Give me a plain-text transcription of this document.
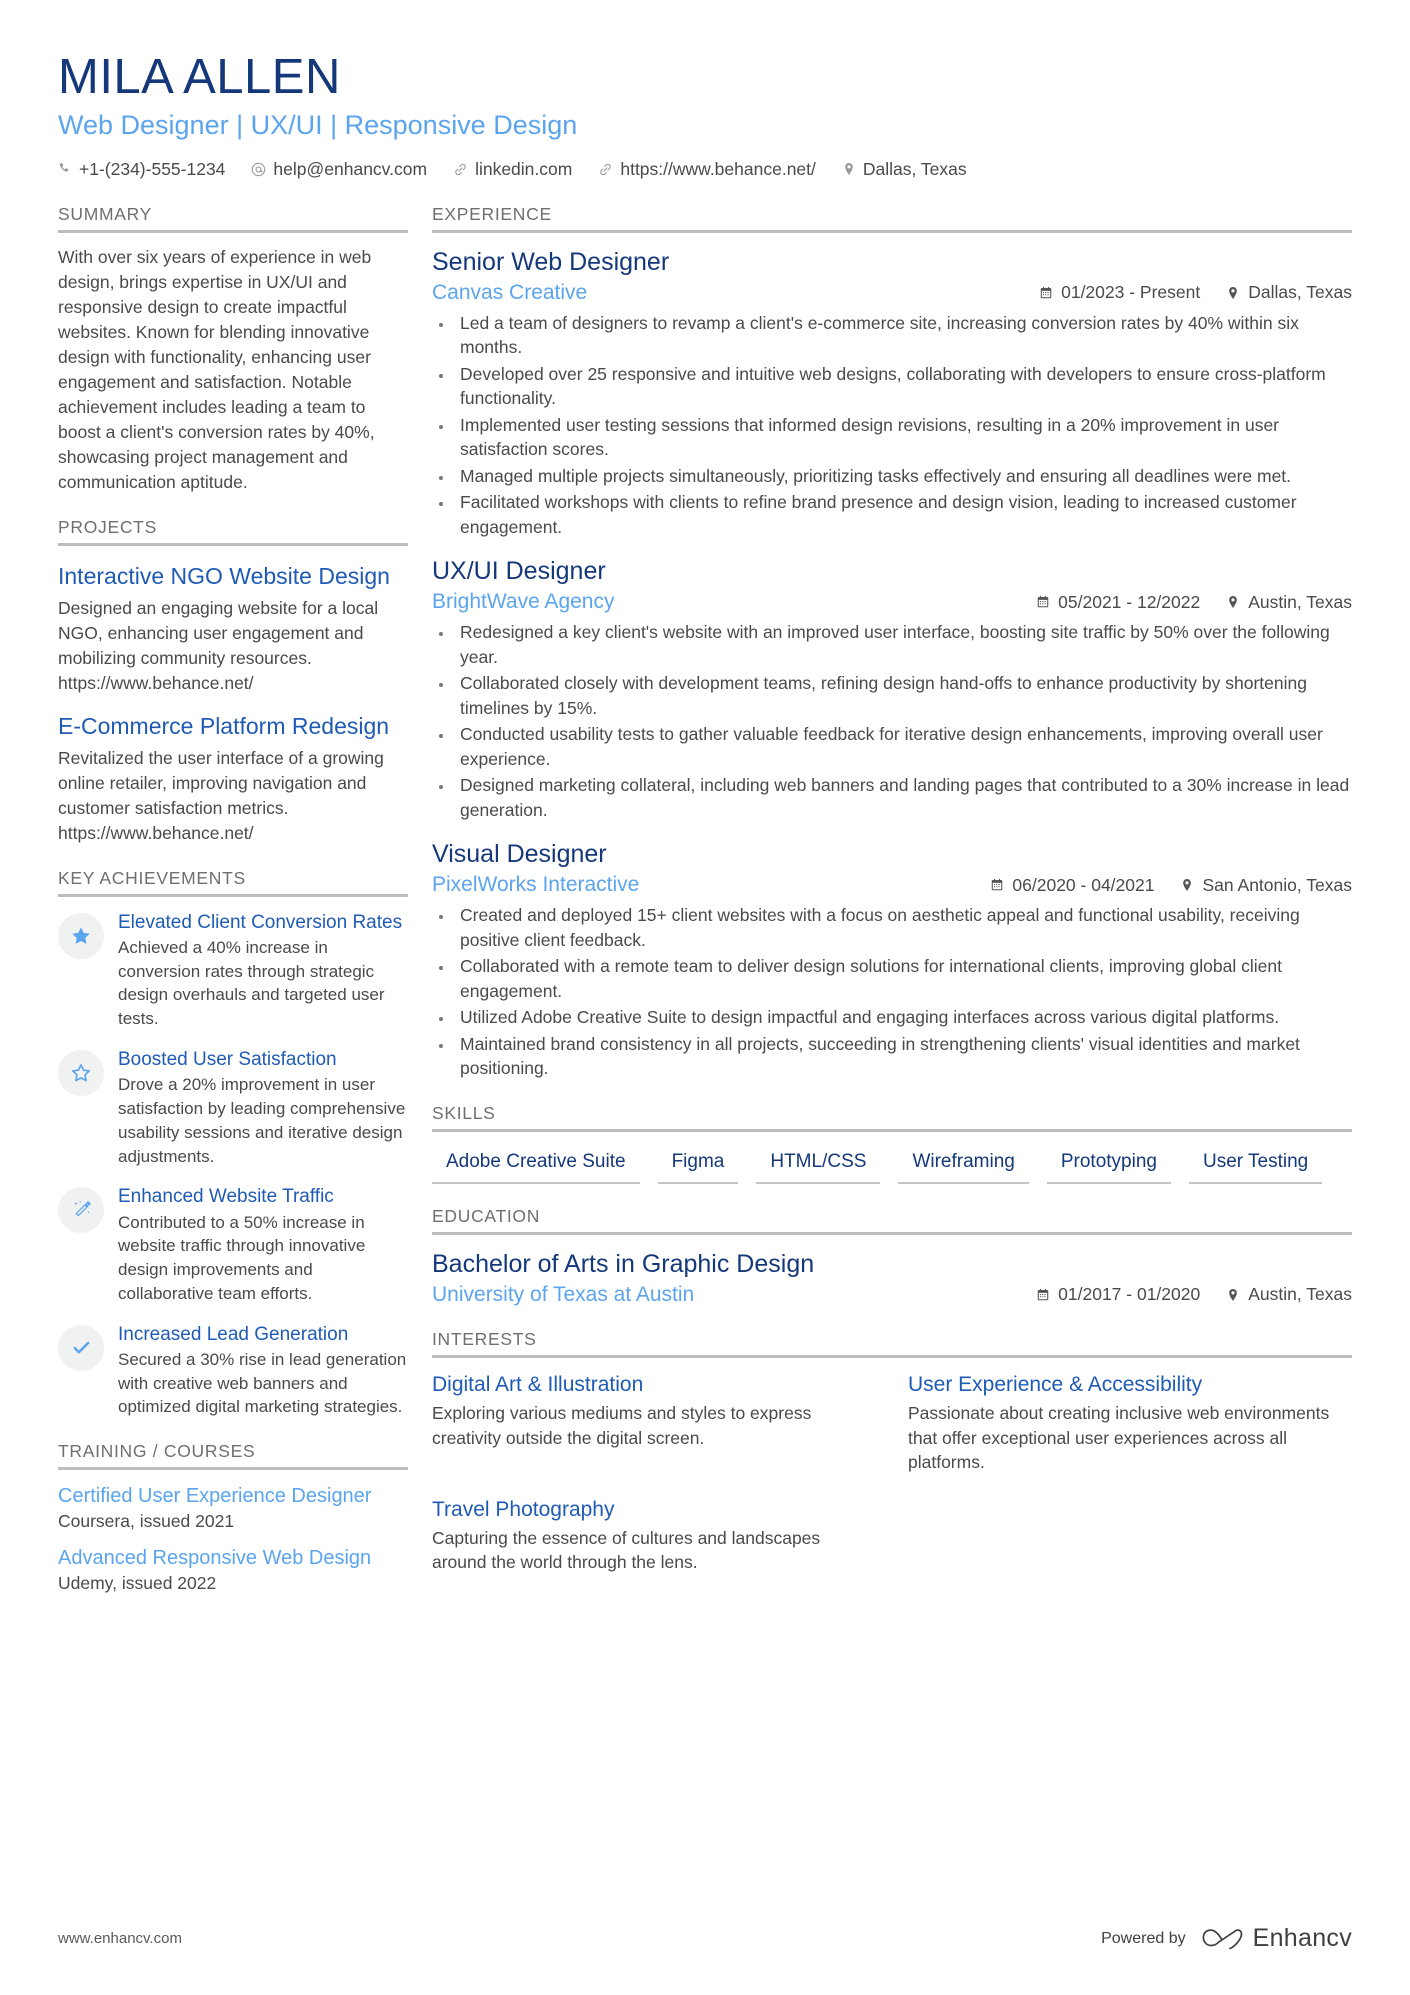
MILA ALLEN
Web Designer | UX/UI | Responsive Design
+1-(234)-555-1234	help@enhancv.com	linkedin.com	https://www.behance.net/	Dallas, Texas
SUMMARY
With over six years of experience in web design, brings expertise in UX/UI and responsive design to create impactful websites. Known for blending innovative design with functionality, enhancing user engagement and satisfaction. Notable achievement includes leading a team to boost a client's conversion rates by 40%, showcasing project management and communication aptitude.
PROJECTS
Interactive NGO Website Design
Designed an engaging website for a local NGO, enhancing user engagement and mobilizing community resources. https://www.behance.net/
E-Commerce Platform Redesign
Revitalized the user interface of a growing online retailer, improving navigation and customer satisfaction metrics. https://www.behance.net/
KEY ACHIEVEMENTS
Elevated Client Conversion Rates
Achieved a 40% increase in conversion rates through strategic design overhauls and targeted user tests.
Boosted User Satisfaction
Drove a 20% improvement in user satisfaction by leading comprehensive usability sessions and iterative design adjustments.
Enhanced Website Traffic
Contributed to a 50% increase in website traffic through innovative design improvements and collaborative team efforts.
Increased Lead Generation
Secured a 30% rise in lead generation with creative web banners and optimized digital marketing strategies.
TRAINING / COURSES
Certified User Experience Designer
Coursera, issued 2021
Advanced Responsive Web Design
Udemy, issued 2022
EXPERIENCE
Senior Web Designer
Canvas Creative	01/2023 - Present	Dallas, Texas
• Led a team of designers to revamp a client's e-commerce site, increasing conversion rates by 40% within six months.
• Developed over 25 responsive and intuitive web designs, collaborating with developers to ensure cross-platform functionality.
• Implemented user testing sessions that informed design revisions, resulting in a 20% improvement in user satisfaction scores.
• Managed multiple projects simultaneously, prioritizing tasks effectively and ensuring all deadlines were met.
• Facilitated workshops with clients to refine brand presence and design vision, leading to increased customer engagement.
UX/UI Designer
BrightWave Agency	05/2021 - 12/2022	Austin, Texas
• Redesigned a key client's website with an improved user interface, boosting site traffic by 50% over the following year.
• Collaborated closely with development teams, refining design hand-offs to enhance productivity by shortening timelines by 15%.
• Conducted usability tests to gather valuable feedback for iterative design enhancements, improving overall user experience.
• Designed marketing collateral, including web banners and landing pages that contributed to a 30% increase in lead generation.
Visual Designer
PixelWorks Interactive	06/2020 - 04/2021	San Antonio, Texas
• Created and deployed 15+ client websites with a focus on aesthetic appeal and functional usability, receiving positive client feedback.
• Collaborated with a remote team to deliver design solutions for international clients, improving global client engagement.
• Utilized Adobe Creative Suite to design impactful and engaging interfaces across various digital platforms.
• Maintained brand consistency in all projects, succeeding in strengthening clients' visual identities and market positioning.
SKILLS
Adobe Creative Suite	Figma	HTML/CSS	Wireframing	Prototyping	User Testing
EDUCATION
Bachelor of Arts in Graphic Design
University of Texas at Austin	01/2017 - 01/2020	Austin, Texas
INTERESTS
Digital Art & Illustration
Exploring various mediums and styles to express creativity outside the digital screen.
User Experience & Accessibility
Passionate about creating inclusive web environments that offer exceptional user experiences across all platforms.
Travel Photography
Capturing the essence of cultures and landscapes around the world through the lens.
www.enhancv.com	Powered by	Enhancv
